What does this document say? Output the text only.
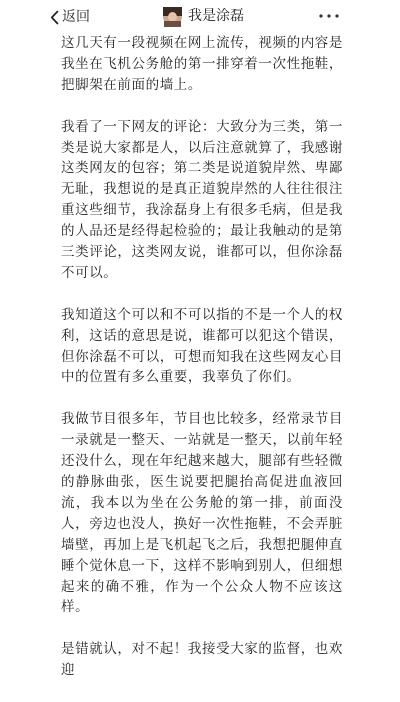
返回	我是涂磊

这几天有一段视频在网上流传，视频的内容是我坐在飞机公务舱的第一排穿着一次性拖鞋，把脚架在前面的墙上。

我看了一下网友的评论：大致分为三类，第一类是说大家都是人，以后注意就算了，我感谢这类网友的包容；第二类是说道貌岸然、卑鄙无耻，我想说的是真正道貌岸然的人往往很注重这些细节，我涂磊身上有很多毛病，但是我的人品还是经得起检验的；最让我触动的是第三类评论，这类网友说，谁都可以，但你涂磊不可以。

我知道这个可以和不可以指的不是一个人的权利，这话的意思是说，谁都可以犯这个错误，但你涂磊不可以，可想而知我在这些网友心目中的位置有多么重要，我辜负了你们。

我做节目很多年，节目也比较多，经常录节目一录就是一整天、一站就是一整天，以前年轻还没什么，现在年纪越来越大，腿部有些轻微的静脉曲张，医生说要把腿抬高促进血液回流，我本以为坐在公务舱的第一排，前面没人，旁边也没人，换好一次性拖鞋，不会弄脏墙壁，再加上是飞机起飞之后，我想把腿伸直睡个觉休息一下，这样不影响到别人，但细想起来的确不雅，作为一个公众人物不应该这样。

是错就认，对不起！我接受大家的监督，也欢迎
